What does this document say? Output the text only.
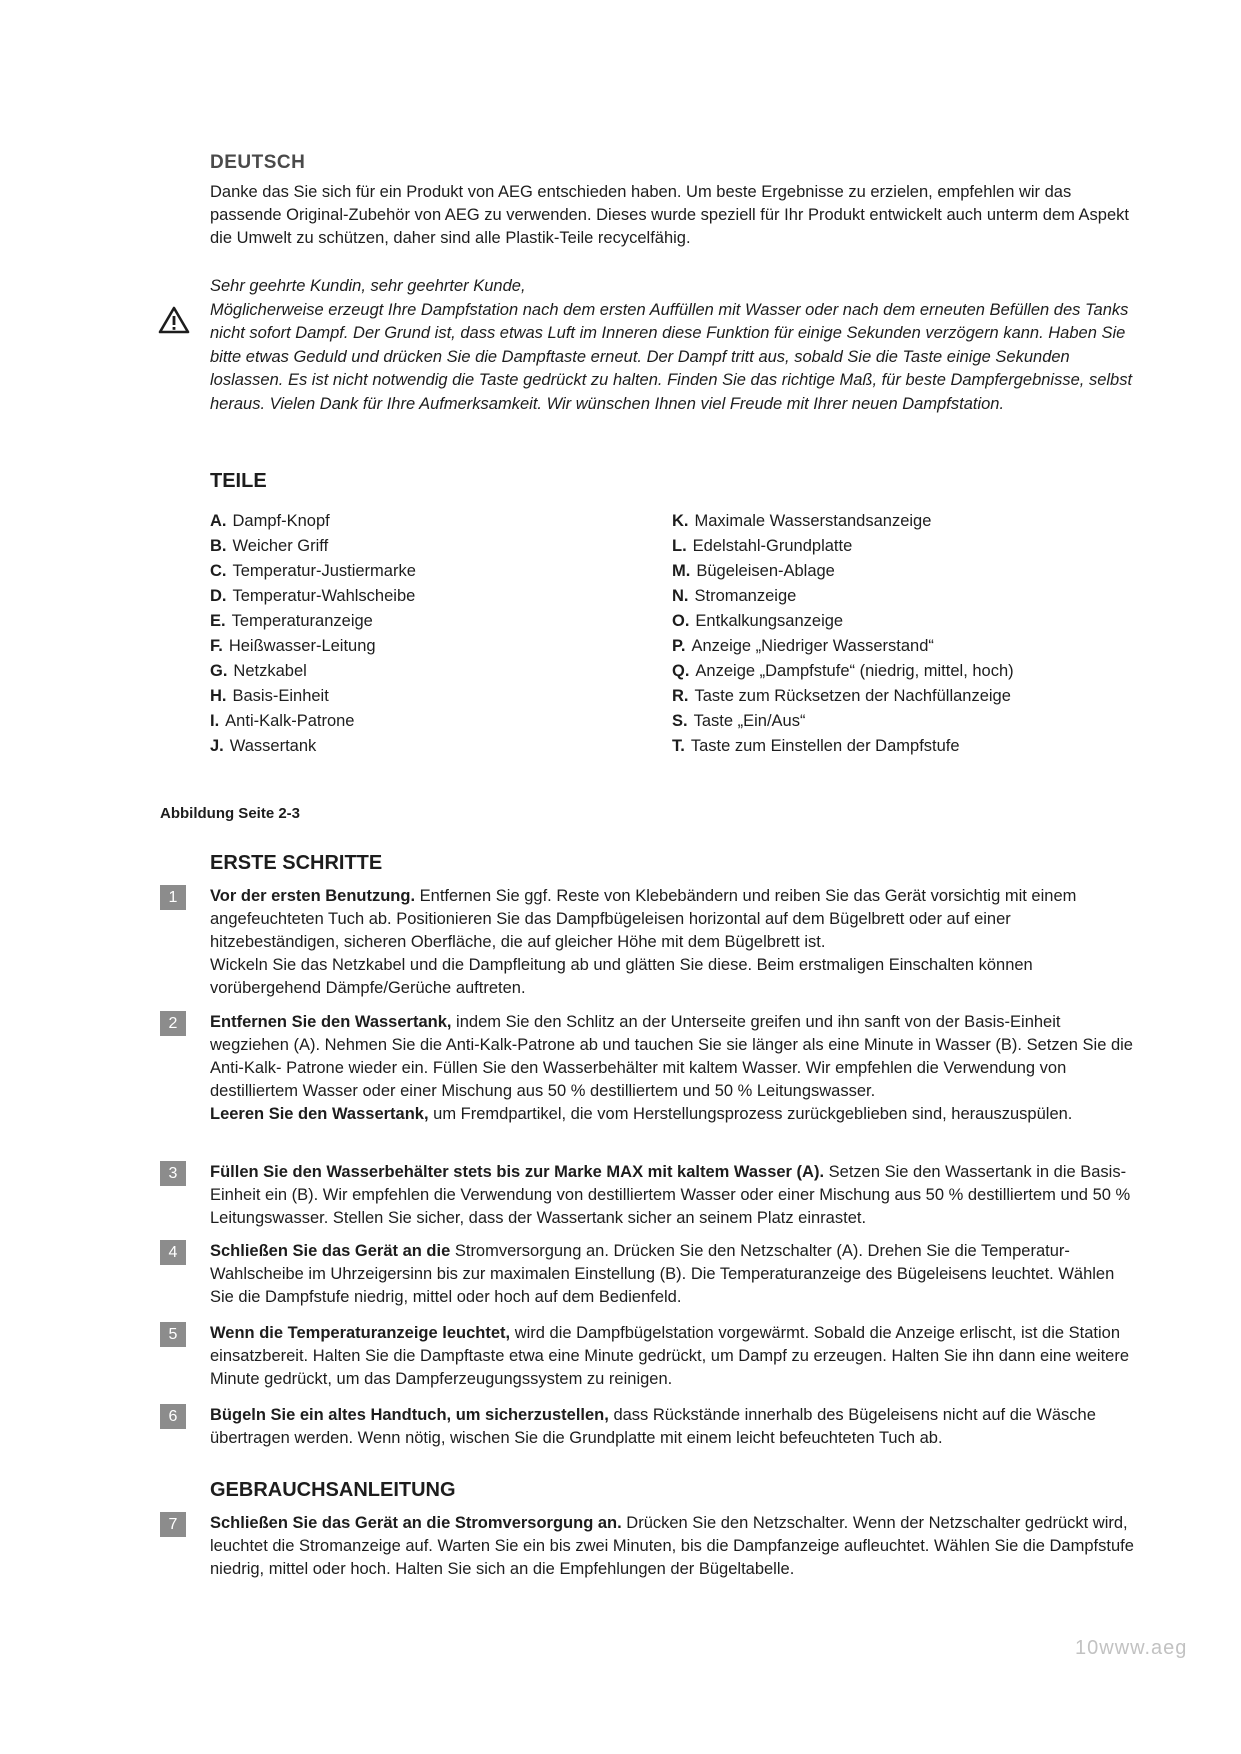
DEUTSCH
Danke das Sie sich für ein Produkt von AEG entschieden haben. Um beste Ergebnisse zu erzielen, empfehlen wir das passende Original-Zubehör von AEG zu verwenden. Dieses wurde speziell für Ihr Produkt entwickelt auch unterm dem Aspekt die Umwelt zu schützen, daher sind alle Plastik-Teile recycelfähig.

Sehr geehrte Kundin, sehr geehrter Kunde,

Möglicherweise erzeugt Ihre Dampfstation nach dem ersten Auffüllen mit Wasser oder nach dem erneuten Befüllen des Tanks nicht sofort Dampf. Der Grund ist, dass etwas Luft im Inneren diese Funktion für einige Sekunden verzögern kann. Haben Sie bitte etwas Geduld und drücken Sie die Dampftaste erneut. Der Dampf tritt aus, sobald Sie die Taste einige Sekunden loslassen. Es ist nicht notwendig die Taste gedrückt zu halten. Finden Sie das richtige Maß, für beste Dampfergebnisse, selbst heraus. Vielen Dank für Ihre Aufmerksamkeit. Wir wünschen Ihnen viel Freude mit Ihrer neuen Dampfstation.

TEILE
A. Dampf-Knopf
B. Weicher Griff
C. Temperatur-Justiermarke
D. Temperatur-Wahlscheibe
E. Temperaturanzeige
F. Heißwasser-Leitung
G. Netzkabel
H. Basis-Einheit
I. Anti-Kalk-Patrone
J. Wassertank
K. Maximale Wasserstandsanzeige
L. Edelstahl-Grundplatte
M. Bügeleisen-Ablage
N. Stromanzeige
O. Entkalkungsanzeige
P. Anzeige „Niedriger Wasserstand“
Q. Anzeige „Dampfstufe“ (niedrig, mittel, hoch)
R. Taste zum Rücksetzen der Nachfüllanzeige
S. Taste „Ein/Aus“
T. Taste zum Einstellen der Dampfstufe
Abbildung Seite 2-3
ERSTE SCHRITTE
1	Vor der ersten Benutzung. Entfernen Sie ggf. Reste von Klebebändern und reiben Sie das Gerät vorsichtig mit einem angefeuchteten Tuch ab. Positionieren Sie das Dampfbügeleisen horizontal auf dem Bügelbrett oder auf einer hitzebeständigen, sicheren Oberfläche, die auf gleicher Höhe mit dem Bügelbrett ist.
Wickeln Sie das Netzkabel und die Dampfleitung ab und glätten Sie diese. Beim erstmaligen Einschalten können vorübergehend Dämpfe/Gerüche auftreten.
2	Entfernen Sie den Wassertank, indem Sie den Schlitz an der Unterseite greifen und ihn sanft von der Basis-Einheit wegziehen (A). Nehmen Sie die Anti-Kalk-Patrone ab und tauchen Sie sie länger als eine Minute in Wasser (B). Setzen Sie die Anti-Kalk- Patrone wieder ein. Füllen Sie den Wasserbehälter mit kaltem Wasser. Wir empfehlen die Verwendung von destilliertem Wasser oder einer Mischung aus 50 % destilliertem und 50 % Leitungswasser.
Leeren Sie den Wassertank, um Fremdpartikel, die vom Herstellungsprozess zurückgeblieben sind, herauszuspülen.
3	Füllen Sie den Wasserbehälter stets bis zur Marke MAX mit kaltem Wasser (A). Setzen Sie den Wassertank in die Basis-Einheit ein (B). Wir empfehlen die Verwendung von destilliertem Wasser oder einer Mischung aus 50 % destilliertem und 50 % Leitungswasser. Stellen Sie sicher, dass der Wassertank sicher an seinem Platz einrastet.
4	Schließen Sie das Gerät an die Stromversorgung an. Drücken Sie den Netzschalter (A). Drehen Sie die Temperatur-Wahlscheibe im Uhrzeigersinn bis zur maximalen Einstellung (B). Die Temperaturanzeige des Bügeleisens leuchtet. Wählen Sie die Dampfstufe niedrig, mittel oder hoch auf dem Bedienfeld.
5	Wenn die Temperaturanzeige leuchtet, wird die Dampfbügelstation vorgewärmt. Sobald die Anzeige erlischt, ist die Station einsatzbereit. Halten Sie die Dampftaste etwa eine Minute gedrückt, um Dampf zu erzeugen. Halten Sie ihn dann eine weitere Minute gedrückt, um das Dampferzeugungssystem zu reinigen.
6	Bügeln Sie ein altes Handtuch, um sicherzustellen, dass Rückstände innerhalb des Bügeleisens nicht auf die Wäsche übertragen werden. Wenn nötig, wischen Sie die Grundplatte mit einem leicht befeuchteten Tuch ab.
GEBRAUCHSANLEITUNG
7	Schließen Sie das Gerät an die Stromversorgung an. Drücken Sie den Netzschalter. Wenn der Netzschalter gedrückt wird, leuchtet die Stromanzeige auf. Warten Sie ein bis zwei Minuten, bis die Dampfanzeige aufleuchtet. Wählen Sie die Dampfstufe niedrig, mittel oder hoch. Halten Sie sich an die Empfehlungen der Bügeltabelle.
10www.aeg
